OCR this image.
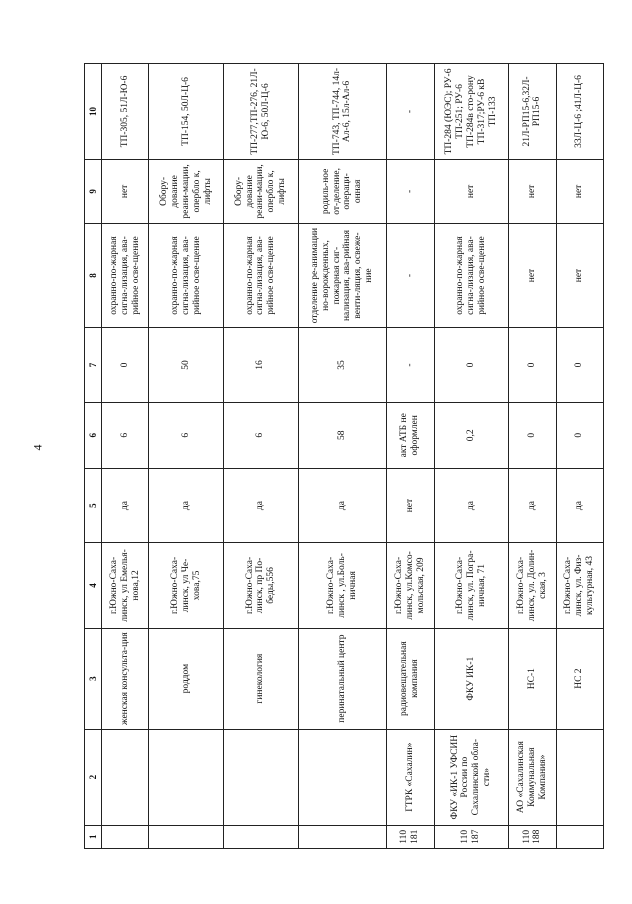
4
1	2	3	4	5	6	7	8	9	10
		женская консульта-ция	г.Южно-Саха-линск, ул Емелья-нова,12	да	6	0	охранно-по-жарная сигна-лизация, ава-рийное осве-щение	нет	ТП-305, 51Л-Ю-6
		роддом	г.Южно-Саха-линск, ул Че-хова,75	да	6	50	охранно-по-жарная сигна-лизация, ава-рийное осве-щение	Обору-дование реани-мации, оперблo к, лифты	ТП-154, 50Л-Ц-6
		гинекология	г.Южно-Саха-линск, пр По-беды,556	да	6	16	охранно-по-жарная сигна-лизация, ава-рийное осве-щение	Обору-дование реани-мации, оперблo к, лифты	ТП-277,ТП-276, 21Л-Ю-6, 50Л-Ц-6
		перинатальный центр	г.Южно-Саха-линск , ул.Боль-ничная	да	58	35	отделение ре-анимации но-ворожденных, пожарная сиг-нализация, ава-рийная венти-ляция, освеже-ние	родиль-ное от-деление, операци-онная	ТП-743, ТП-744, 14л-Ал-6, 15л-Ал-6
110181	ГТРК «Сахалин»	радиовещательная компания	г.Южно-Саха-линск, ул.Комсо-мольская, 209	нет	акт АТБ не оформлен	-	-	-	-
110187	ФКУ «ИК-1 УФСИН России по Сахалинской обла-сти»	ФКУ ИК-1	г.Южно-Саха-линск, ул. Погра-ничная, 71	да	0,2	0	охранно-по-жарная сигна-лизация, ава-рийное осве-щение	нет	ТП-284 (ЮЭС); РУ-6 ТП-251; РУ-6 ТП-284в сто-рону ТП-317;РУ-6 кВ ТП-133
110188	АО «Сахалинская Коммунальная Компания»	НС-1	г.Южно-Саха-линск, ул. Долин-ская, 3	да	0	0	нет	нет	21Л-РП15-6,32Л-РП15-6
		НС 2	г.Южно-Саха-линск, ул. Физ-культурная, 43	да	0	0	нет	нет	33Л-Ц-6 ;41Л-Ц-6
